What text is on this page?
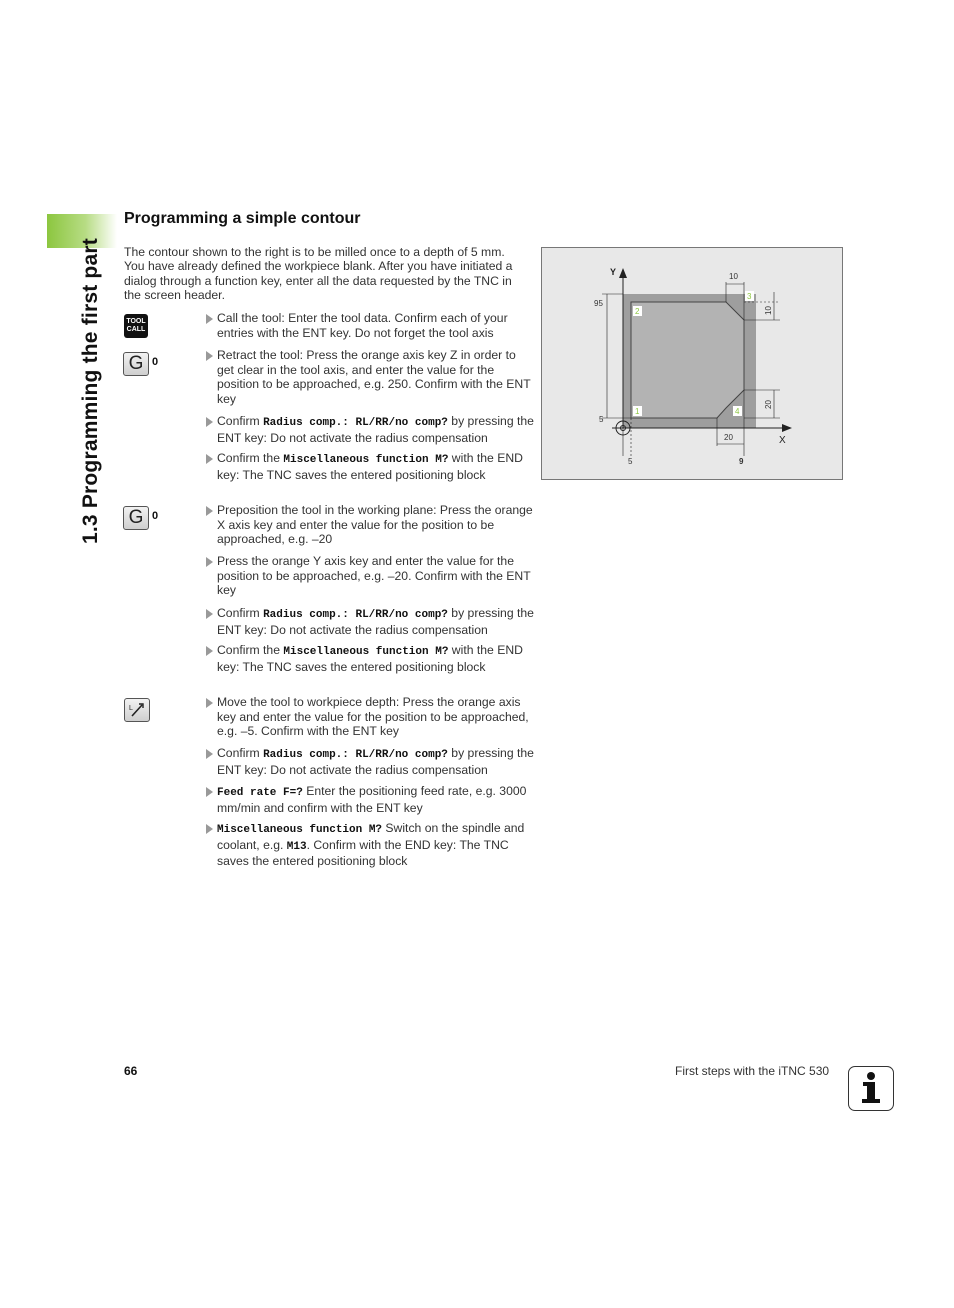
1.3 Programming the first part
Programming a simple contour
The contour shown to the right is to be milled once to a depth of 5 mm. You have already defined the workpiece blank. After you have initiated a dialog through a function key, enter all the data requested by the TNC in the screen header.
TOOL
CALL
G 0
G 0
L
Call the tool: Enter the tool data. Confirm each of your entries with the ENT key. Do not forget the tool axis
Retract the tool: Press the orange axis key Z in order to get clear in the tool axis, and enter the value for the position to be approached, e.g. 250. Confirm with the ENT key
Confirm Radius comp.: RL/RR/no comp? by pressing the ENT key: Do not activate the radius compensation
Confirm the Miscellaneous function M? with the END key: The TNC saves the entered positioning block
Preposition the tool in the working plane: Press the orange X axis key and enter the value for the position to be approached, e.g. –20
Press the orange Y axis key and enter the value for the position to be approached, e.g. –20. Confirm with the ENT key
Confirm Radius comp.: RL/RR/no comp? by pressing the ENT key: Do not activate the radius compensation
Confirm the Miscellaneous function M? with the END key: The TNC saves the entered positioning block
Move the tool to workpiece depth: Press the orange axis key and enter the value for the position to be approached, e.g. –5. Confirm with the ENT key
Confirm Radius comp.: RL/RR/no comp? by pressing the ENT key: Do not activate the radius compensation
Feed rate F=? Enter the positioning feed rate, e.g. 3000 mm/min and confirm with the ENT key
Miscellaneous function M? Switch on the spindle and coolant, e.g. M13. Confirm with the END key: The TNC saves the entered positioning block
Y
X
10
10
20
20
95
5
5	9
1
2
3
4
66	First steps with the iTNC 530
